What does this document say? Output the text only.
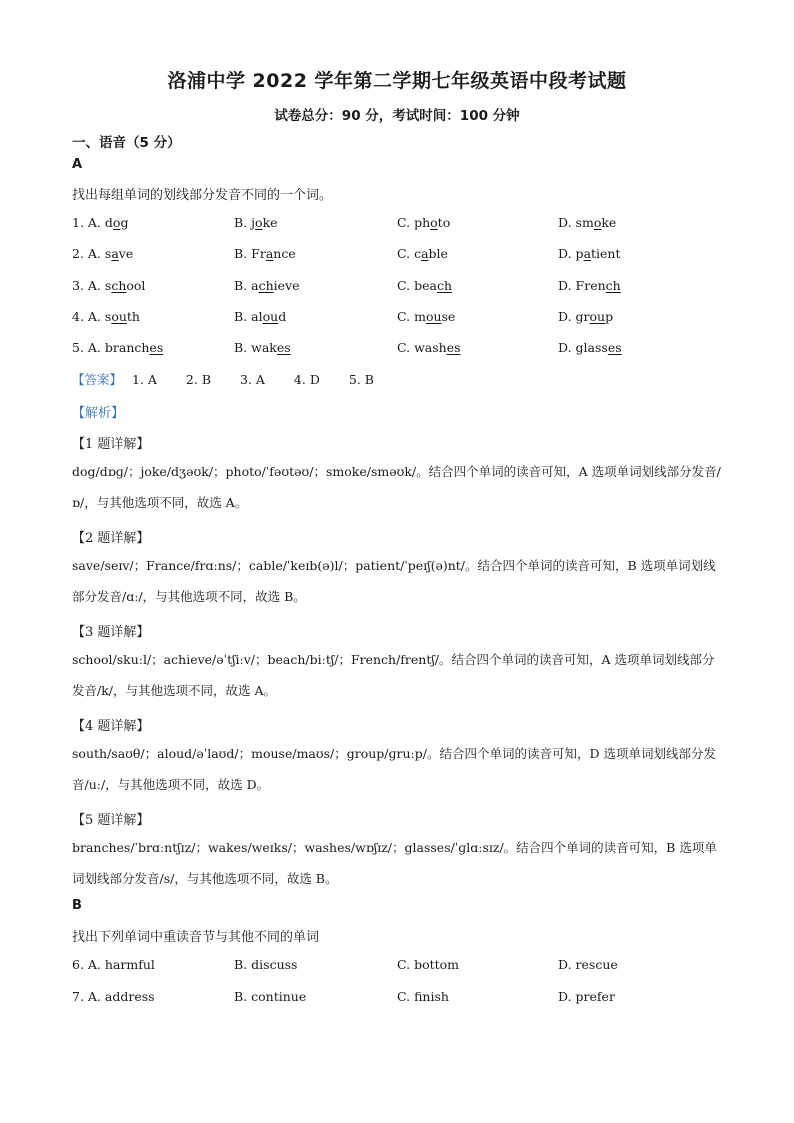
洛浦中学 2022 学年第二学期七年级英语中段考试题
试卷总分：90 分，考试时间：100 分钟
一、语音（5 分）
A
找出每组单词的划线部分发音不同的一个词。
1. A. dog	B. joke	C. photo	D. smoke
2. A. save	B. France	C. cable	D. patient
3. A. school	B. achieve	C. beach	D. French
4. A. south	B. aloud	C. mouse	D. group
5. A. branches	B. wakes	C. washes	D. glasses
【答案】 1. A 2. B 3. A 4. D 5. B
【解析】
【1 题详解】
dog/dɒɡ/；joke/dʒəʊk/；photo/ˈfəʊtəʊ/；smoke/sməʊk/。结合四个单词的读音可知，A 选项单词划线部分发音/ɒ/，与其他选项不同，故选 A。
【2 题详解】
save/seɪv/；France/frɑːns/；cable/ˈkeɪb(ə)l/；patient/ˈpeɪʃ(ə)nt/。结合四个单词的读音可知，B 选项单词划线部分发音/ɑː/，与其他选项不同，故选 B。
【3 题详解】
school/skuːl/；achieve/əˈtʃiːv/；beach/biːtʃ/；French/frentʃ/。结合四个单词的读音可知，A 选项单词划线部分发音/k/，与其他选项不同，故选 A。
【4 题详解】
south/saʊθ/；aloud/əˈlaʊd/；mouse/maʊs/；group/ɡruːp/。结合四个单词的读音可知，D 选项单词划线部分发音/uː/，与其他选项不同，故选 D。
【5 题详解】
branches/ˈbrɑːntʃɪz/；wakes/weɪks/；washes/wɒʃɪz/；glasses/ˈɡlɑːsɪz/。结合四个单词的读音可知，B 选项单词划线部分发音/s/，与其他选项不同，故选 B。
B
找出下列单词中重读音节与其他不同的单词
6. A. harmful	B. discuss	C. bottom	D. rescue
7. A. address	B. continue	C. finish	D. prefer
